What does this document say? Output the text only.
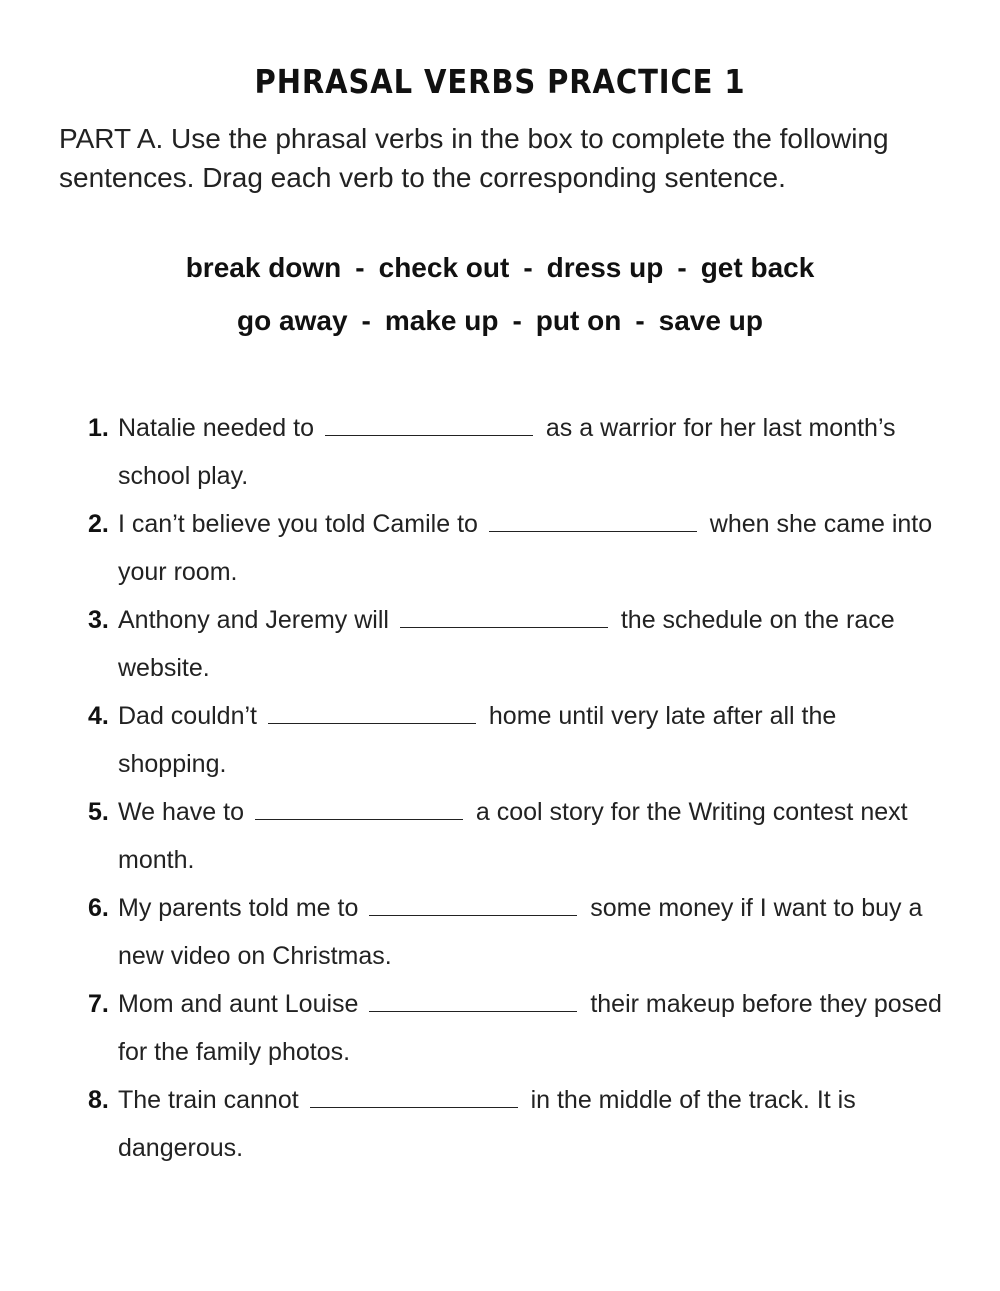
PHRASAL VERBS PRACTICE 1
PART A. Use the phrasal verbs in the box to complete the following sentences. Drag each verb to the corresponding sentence.
break down - check out - dress up - get back
go away - make up - put on - save up
1. Natalie needed to	as a warrior for her last month’s school play.
2. I can’t believe you told Camile to	when she came into your room.
3. Anthony and Jeremy will	the schedule on the race website.
4. Dad couldn’t	home until very late after all the shopping.
5. We have to	a cool story for the Writing contest next month.
6. My parents told me to	some money if I want to buy a new video on Christmas.
7. Mom and aunt Louise	their makeup before they posed for the family photos.
8. The train cannot	in the middle of the track. It is dangerous.
